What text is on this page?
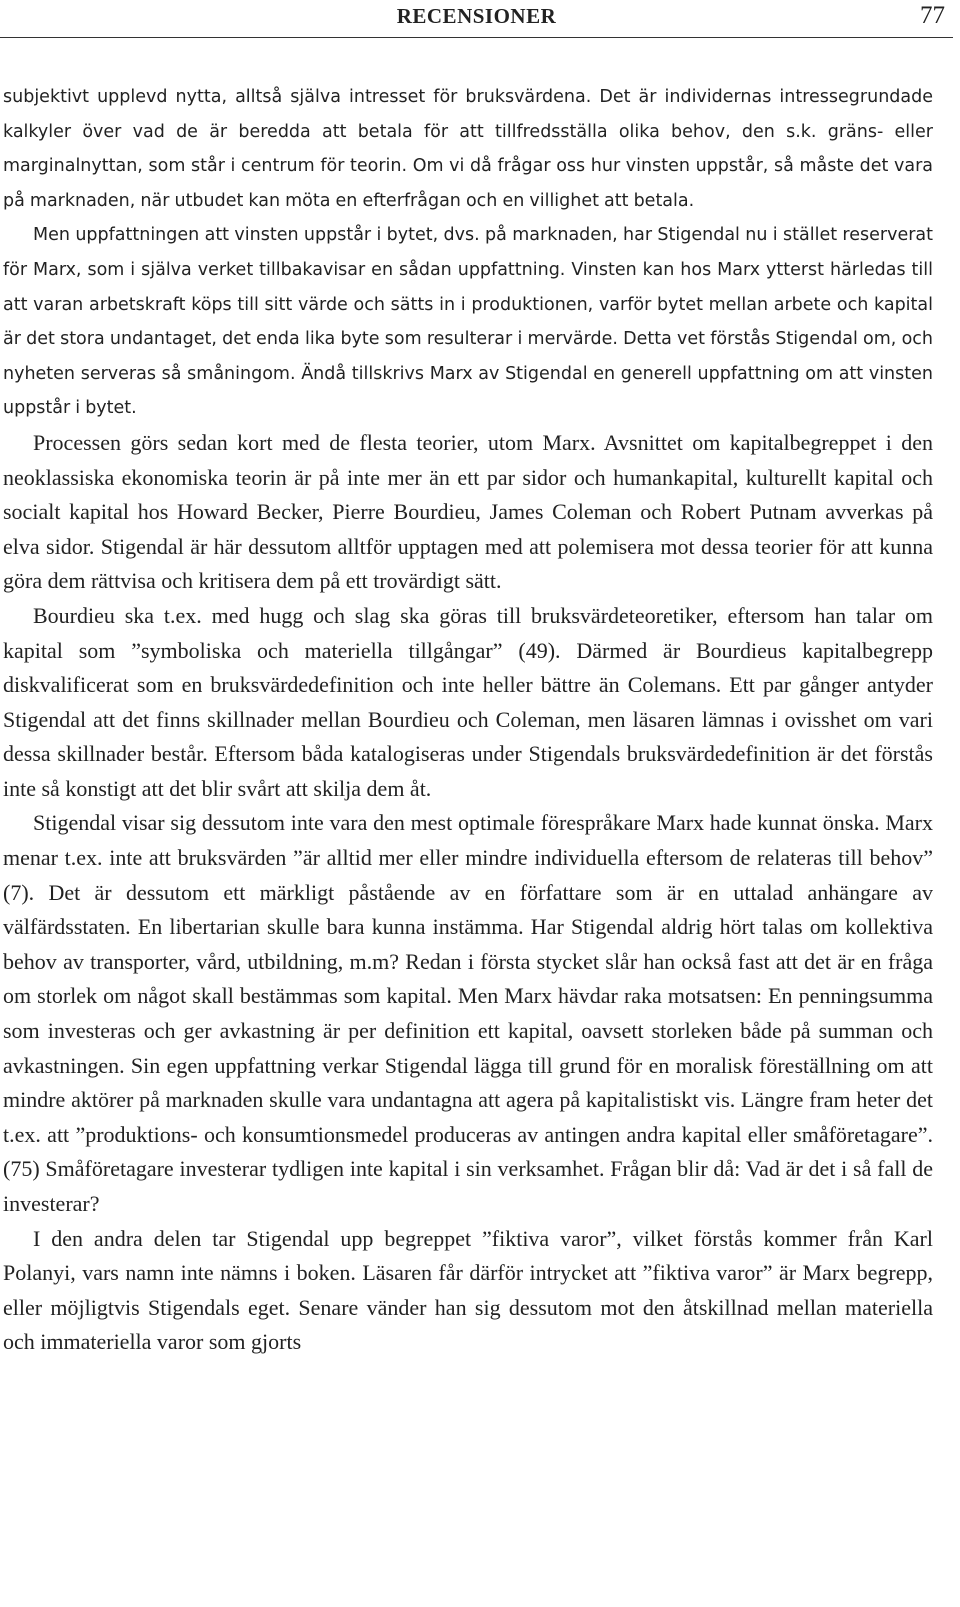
RECENSIONER	77

subjektivt upplevd nytta, alltså själva intresset för bruksvärdena. Det är individernas intressegrundade kalkyler över vad de är beredda att betala för att tillfredsställa olika behov, den s.k. gräns- eller marginalnyttan, som står i centrum för teorin. Om vi då frågar oss hur vinsten uppstår, så måste det vara på marknaden, när utbudet kan möta en efterfrågan och en villighet att betala.

Men uppfattningen att vinsten uppstår i bytet, dvs. på marknaden, har Stigendal nu i stället reserverat för Marx, som i själva verket tillbakavisar en sådan uppfattning. Vinsten kan hos Marx ytterst härledas till att varan arbetskraft köps till sitt värde och sätts in i produktionen, varför bytet mellan arbete och kapital är det stora undantaget, det enda lika byte som resulterar i mervärde. Detta vet förstås Stigendal om, och nyheten serveras så småningom. Ändå tillskrivs Marx av Stigendal en generell uppfattning om att vinsten uppstår i bytet.

Processen görs sedan kort med de flesta teorier, utom Marx. Avsnittet om kapitalbegreppet i den neoklassiska ekonomiska teorin är på inte mer än ett par sidor och humankapital, kulturellt kapital och socialt kapital hos Howard Becker, Pierre Bourdieu, James Coleman och Robert Putnam avverkas på elva sidor. Stigendal är här dessutom alltför upptagen med att polemisera mot dessa teorier för att kunna göra dem rättvisa och kritisera dem på ett trovärdigt sätt.

Bourdieu ska t.ex. med hugg och slag ska göras till bruksvärdeteoretiker, eftersom han talar om kapital som ”symboliska och materiella tillgångar” (49). Därmed är Bourdieus kapitalbegrepp diskvalificerat som en bruksvärdedefinition och inte heller bättre än Colemans. Ett par gånger antyder Stigendal att det finns skillnader mellan Bourdieu och Coleman, men läsaren lämnas i ovisshet om vari dessa skillnader består. Eftersom båda katalogiseras under Stigendals bruksvärdedefinition är det förstås inte så konstigt att det blir svårt att skilja dem åt.

Stigendal visar sig dessutom inte vara den mest optimale förespråkare Marx hade kunnat önska. Marx menar t.ex. inte att bruksvärden ”är alltid mer eller mindre individuella eftersom de relateras till behov” (7). Det är dessutom ett märkligt påstående av en författare som är en uttalad anhängare av välfärdsstaten. En libertarian skulle bara kunna instämma. Har Stigendal aldrig hört talas om kollektiva behov av transporter, vård, utbildning, m.m? Redan i första stycket slår han också fast att det är en fråga om storlek om något skall bestämmas som kapital. Men Marx hävdar raka motsatsen: En penningsumma som investeras och ger avkastning är per definition ett kapital, oavsett storleken både på summan och avkastningen. Sin egen uppfattning verkar Stigendal lägga till grund för en moralisk föreställning om att mindre aktörer på marknaden skulle vara undantagna att agera på kapitalistiskt vis. Längre fram heter det t.ex. att ”produktions- och konsumtionsmedel produceras av antingen andra kapital eller småföretagare”. (75) Småföretagare investerar tydligen inte kapital i sin verksamhet. Frågan blir då: Vad är det i så fall de investerar?

I den andra delen tar Stigendal upp begreppet ”fiktiva varor”, vilket förstås kommer från Karl Polanyi, vars namn inte nämns i boken. Läsaren får därför intrycket att ”fiktiva varor” är Marx begrepp, eller möjligtvis Stigendals eget. Senare vänder han sig dessutom mot den åtskillnad mellan materiella och immateriella varor som gjorts
